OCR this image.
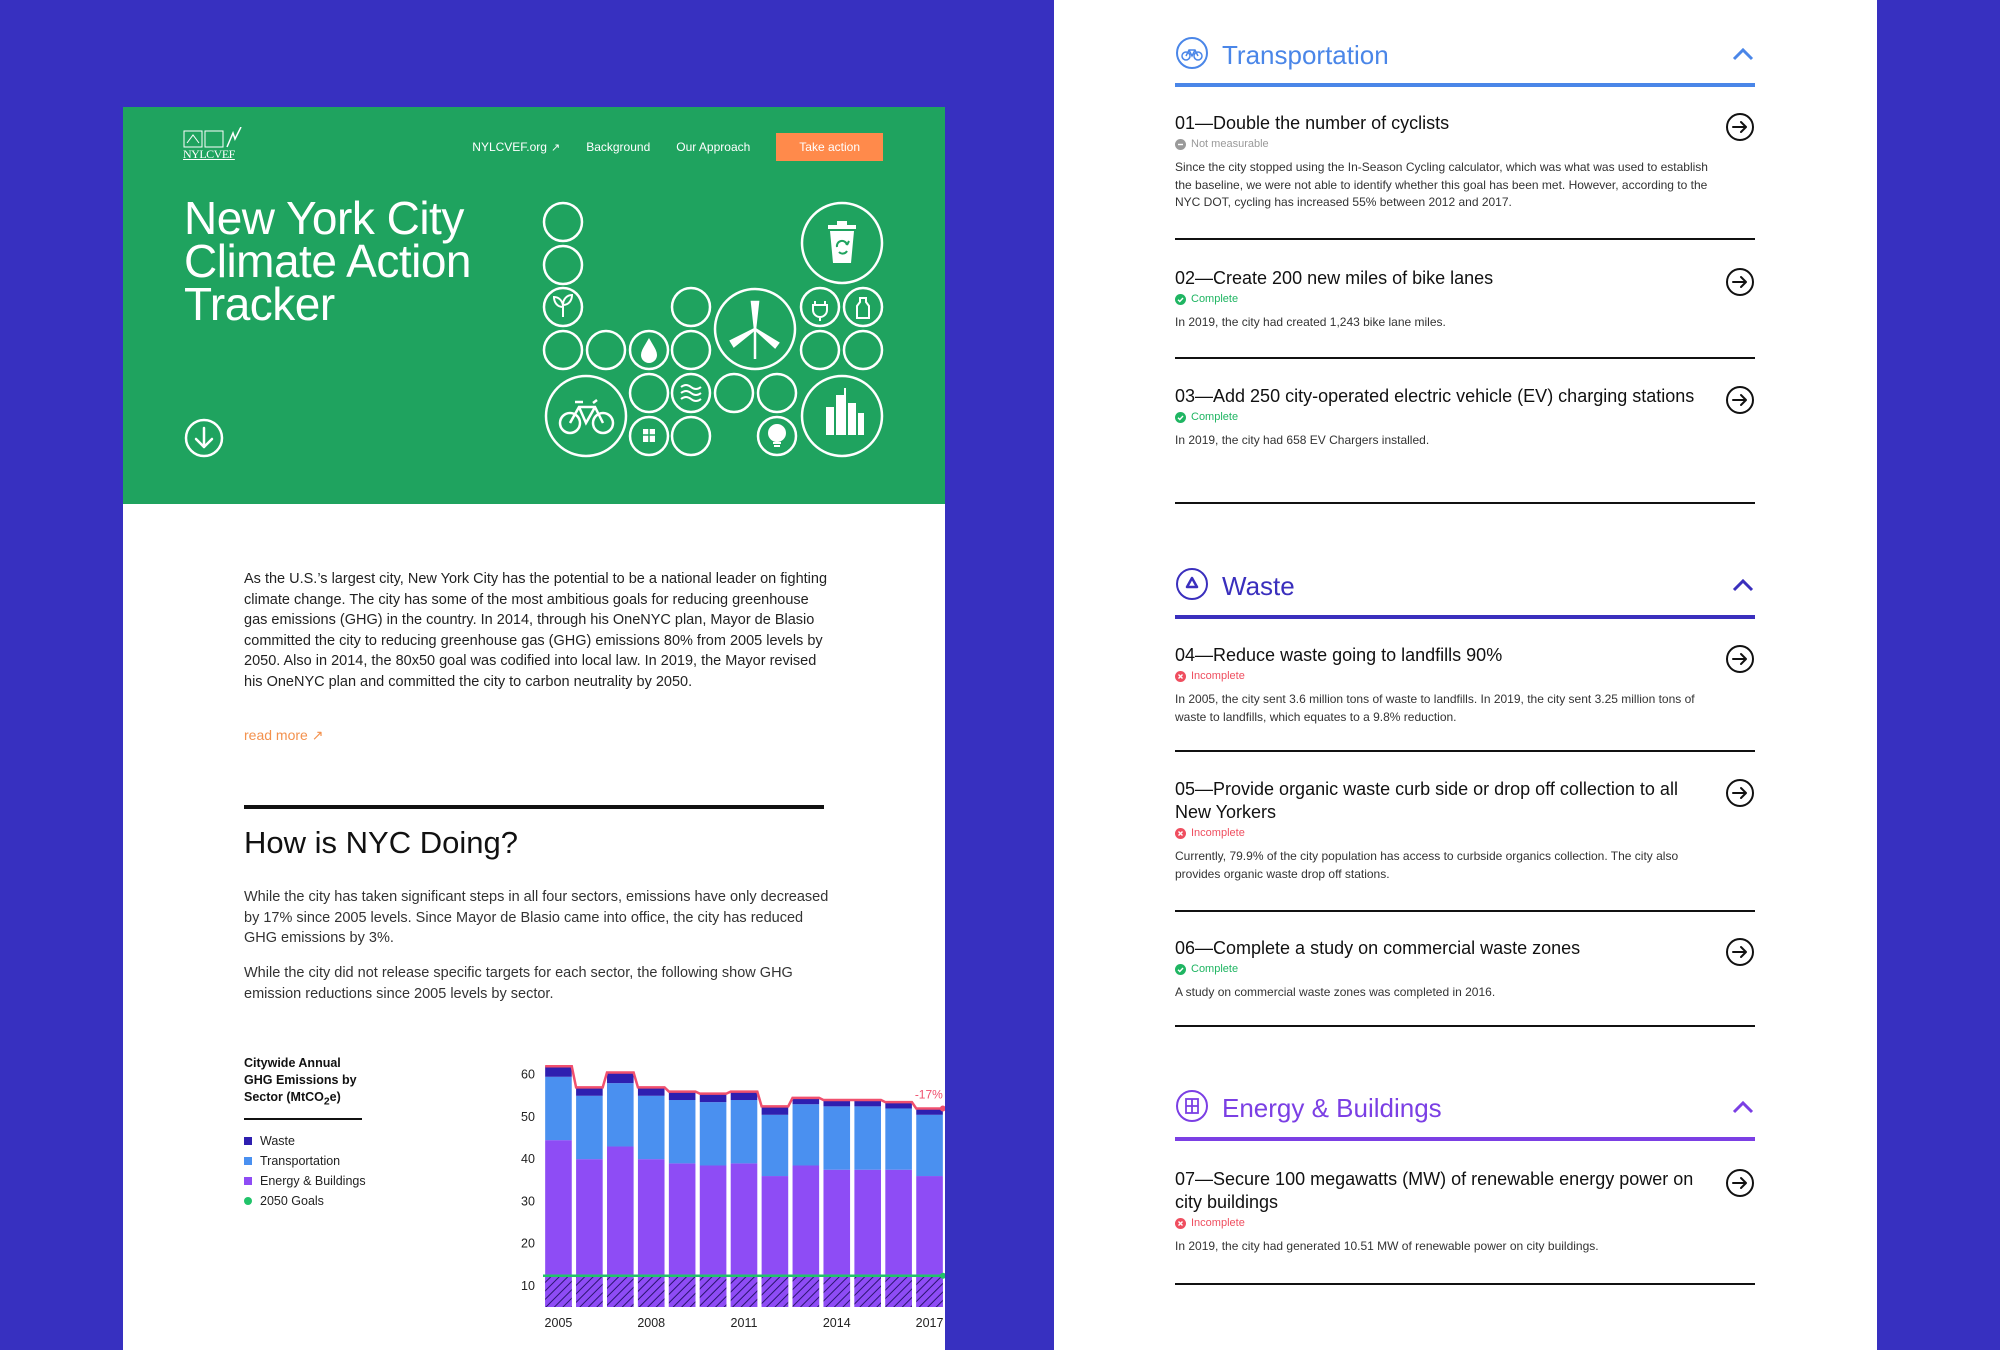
NYLCVEF	NYLCVEF.org ↗ Background Our Approach	Take action
New York City Climate Action Tracker

As the U.S.’s largest city, New York City has the potential to be a national leader on fighting climate change. The city has some of the most ambitious goals for reducing greenhouse gas emissions (GHG) in the country. In 2014, through his OneNYC plan, Mayor de Blasio committed the city to reducing greenhouse gas (GHG) emissions 80% from 2005 levels by 2050. Also in 2014, the 80x50 goal was codified into local law. In 2019, the Mayor revised his OneNYC plan and committed the city to carbon neutrality by 2050.

read more ↗
How is NYC Doing?

While the city has taken significant steps in all four sectors, emissions have only decreased by 17% since 2005 levels. Since Mayor de Blasio came into office, the city has reduced GHG emissions by 3%.

While the city did not release specific targets for each sector, the following show GHG emission reductions since 2005 levels by sector.

Citywide Annual GHG Emissions by Sector (MtCO$_2$e)
Waste
Transportation
Energy & Buildings
2050 Goals
10
20
30
40
50
60
-17%
2005	2008	2011	2014	2017
Transportation
01—Double the number of cyclists
Not measurable

Since the city stopped using the In-Season Cycling calculator, which was what was used to establish the baseline, we were not able to identify whether this goal has been met. However, according to the NYC DOT, cycling has increased 55% between 2012 and 2017.

02—Create 200 new miles of bike lanes
Complete

In 2019, the city had created 1,243 bike lane miles.

03—Add 250 city-operated electric vehicle (EV) charging stations
Complete

In 2019, the city had 658 EV Chargers installed.

Waste
04—Reduce waste going to landfills 90%
Incomplete

In 2005, the city sent 3.6 million tons of waste to landfills. In 2019, the city sent 3.25 million tons of waste to landfills, which equates to a 9.8% reduction.

05—Provide organic waste curb side or drop off collection to all New Yorkers
Incomplete

Currently, 79.9% of the city population has access to curbside organics collection. The city also provides organic waste drop off stations.

06—Complete a study on commercial waste zones
Complete

A study on commercial waste zones was completed in 2016.

Energy & Buildings
07—Secure 100 megawatts (MW) of renewable energy power on city buildings
Incomplete

In 2019, the city had generated 10.51 MW of renewable power on city buildings.
